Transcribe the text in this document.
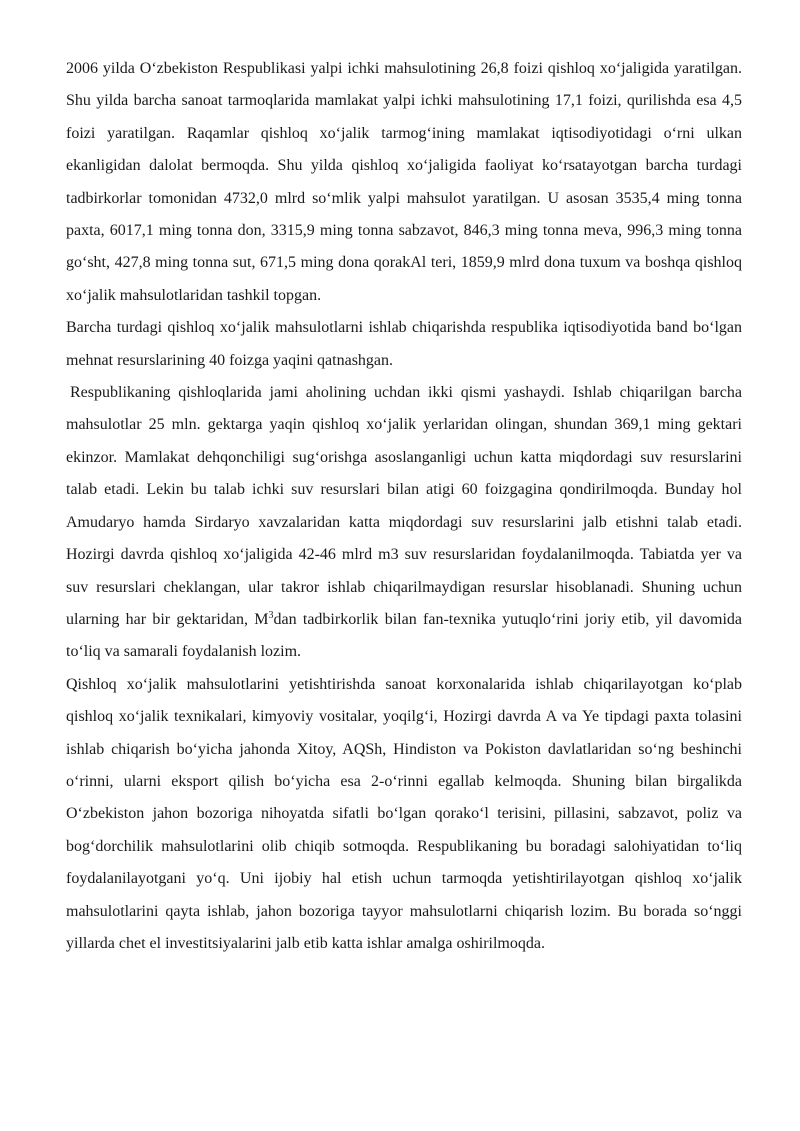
2006 yilda O‘zbekiston Respublikasi yalpi ichki mahsulotining 26,8 foizi qishloq xo‘jaligida yaratilgan. Shu yilda barcha sanoat tarmoqlarida mamlakat yalpi ichki mahsulotining 17,1 foizi, qurilishda esa 4,5 foizi yaratilgan. Raqamlar qishloq xo‘jalik tarmog‘ining mamlakat iqtisodiyotidagi o‘rni ulkan ekanligidan dalolat bermoqda. Shu yilda qishloq xo‘jaligida faoliyat ko‘rsatayotgan barcha turdagi tadbirkorlar tomonidan 4732,0 mlrd so‘mlik yalpi mahsulot yaratilgan. U asosan 3535,4 ming tonna paxta, 6017,1 ming tonna don, 3315,9 ming tonna sabzavot, 846,3 ming tonna meva, 996,3 ming tonna go‘sht, 427,8 ming tonna sut, 671,5 ming dona qorakAl teri, 1859,9 mlrd dona tuxum va boshqa qishloq xo‘jalik mahsulotlaridan tashkil topgan.

Barcha turdagi qishloq xo‘jalik mahsulotlarni ishlab chiqarishda respublika iqtisodiyotida band bo‘lgan mehnat resurslarining 40 foizga yaqini qatnashgan.

Respublikaning qishloqlarida jami aholining uchdan ikki qismi yashaydi. Ishlab chiqarilgan barcha mahsulotlar 25 mln. gektarga yaqin qishloq xo‘jalik yerlaridan olingan, shundan 369,1 ming gektari ekinzor. Mamlakat dehqonchiligi sug‘orishga asoslanganligi uchun katta miqdordagi suv resurslarini talab etadi. Lekin bu talab ichki suv resurslari bilan atigi 60 foizgagina qondirilmoqda. Bunday hol Amudaryo hamda Sirdaryo xavzalaridan katta miqdordagi suv resurslarini jalb etishni talab etadi. Hozirgi davrda qishloq xo‘jaligida 42-46 mlrd m3 suv resurslaridan foydalanilmoqda. Tabiatda yer va suv resurslari cheklangan, ular takror ishlab chiqarilmaydigan resurslar hisoblanadi. Shuning uchun ularning har bir gektaridan, $M^3dan$ tadbirkorlik bilan fan-texnika yutuqlo‘rini joriy etib, yil davomida to‘liq va samarali foydalanish lozim.

Qishloq xo‘jalik mahsulotlarini yetishtirishda sanoat korxonalarida ishlab chiqarilayotgan ko‘plab qishloq xo‘jalik texnikalari, kimyoviy vositalar, yoqilg‘i, Hozirgi davrda A va Ye tipdagi paxta tolasini ishlab chiqarish bo‘yicha jahonda Xitoy, AQSh, Hindiston va Pokiston davlatlaridan so‘ng beshinchi o‘rinni, ularni eksport qilish bo‘yicha esa 2-o‘rinni egallab kelmoqda. Shuning bilan birgalikda O‘zbekiston jahon bozoriga nihoyatda sifatli bo‘lgan qorako‘l terisini, pillasini, sabzavot, poliz va bog‘dorchilik mahsulotlarini olib chiqib sotmoqda. Respublikaning bu boradagi salohiyatidan to‘liq foydalanilayotgani yo‘q. Uni ijobiy hal etish uchun tarmoqda yetishtirilayotgan qishloq xo‘jalik mahsulotlarini qayta ishlab, jahon bozoriga tayyor mahsulotlarni chiqarish lozim. Bu borada so‘nggi yillarda chet el investitsiyalarini jalb etib katta ishlar amalga oshirilmoqda.
